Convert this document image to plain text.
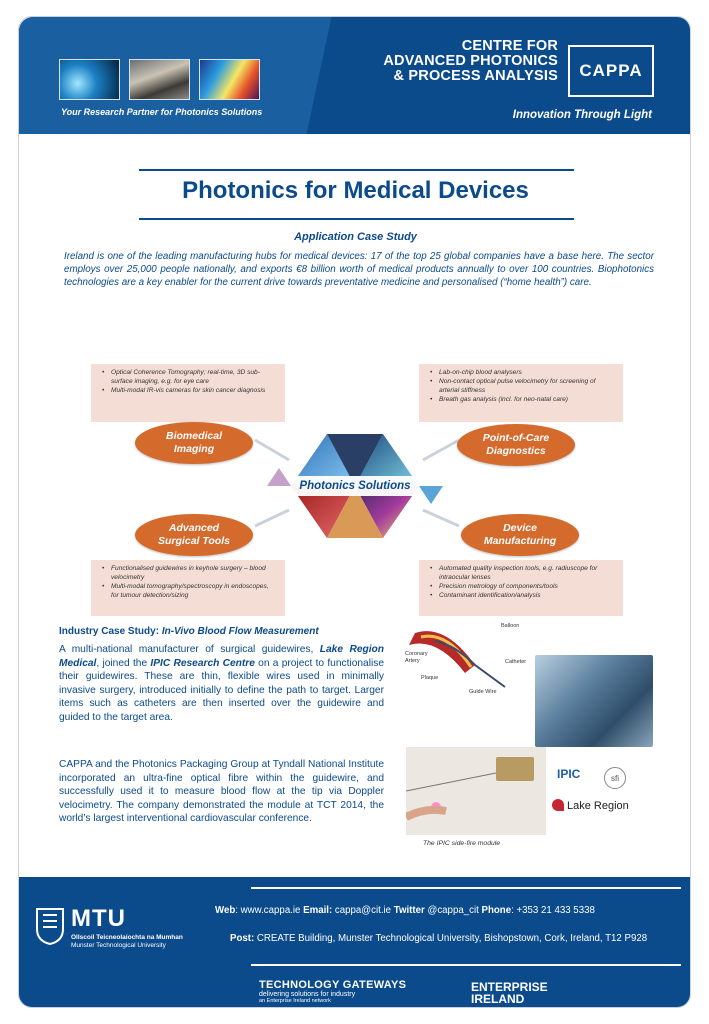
Your Research Partner for Photonics Solutions
CENTRE FOR
ADVANCED PHOTONICS
& PROCESS ANALYSIS	CAPPA
Innovation Through Light
Photonics for Medical Devices
Application Case Study
Ireland is one of the leading manufacturing hubs for medical devices: 17 of the top 25 global companies have a base here. The sector employs over 25,000 people nationally, and exports €8 billion worth of medical products annually to over 100 countries. Biophotonics technologies are a key enabler for the current drive towards preventative medicine and personalised (“home health”) care.
• Optical Coherence Tomography; real-time, 3D sub-surface imaging, e.g. for eye care
• Multi-modal IR-vis cameras for skin cancer diagnosis
• Lab-on-chip blood analysers
• Non-contact optical pulse velocimetry for screening of arterial stiffness
• Breath gas analysis (incl. for neo-natal care)
Biomedical
Imaging
Point-of-Care
Diagnostics
Photonics Solutions
Advanced
Surgical Tools
Device
Manufacturing
• Functionalised guidewires in keyhole surgery – blood velocimetry
• Multi-modal tomography/spectroscopy in endoscopes, for tumour detection/sizing
• Automated quality inspection tools, e.g. radiuscope for intraocular lenses
• Precision metrology of components/tools
• Contaminant identification/analysis
Industry Case Study: In-Vivo Blood Flow Measurement
A multi-national manufacturer of surgical guidewires, Lake Region Medical, joined the IPIC Research Centre on a project to functionalise their guidewires. These are thin, flexible wires used in minimally invasive surgery, introduced initially to define the path to target. Larger items such as catheters are then inserted over the guidewire and guided to the target area.
CAPPA and the Photonics Packaging Group at Tyndall National Institute incorporated an ultra-fine optical fibre within the guidewire, and successfully used it to measure blood flow at the tip via Doppler velocimetry. The company demonstrated the module at TCT 2014, the world’s largest interventional cardiovascular conference.
Balloon
Coronary
Artery	Catheter
Plaque
Guide Wire
The IPIC side-fire module
IPIC	sfi
Lake Region
MTU
Ollscoil Teicneolaíochta na Mumhan
Munster Technological University
Web: www.cappa.ie Email: cappa@cit.ie Twitter @cappa_cit Phone: +353 21 433 5338
Post: CREATE Building, Munster Technological University, Bishopstown, Cork, Ireland, T12 P928
TECHNOLOGY GATEWAYS
delivering solutions for industry
an Enterprise Ireland network
ENTERPRISE
IRELAND
